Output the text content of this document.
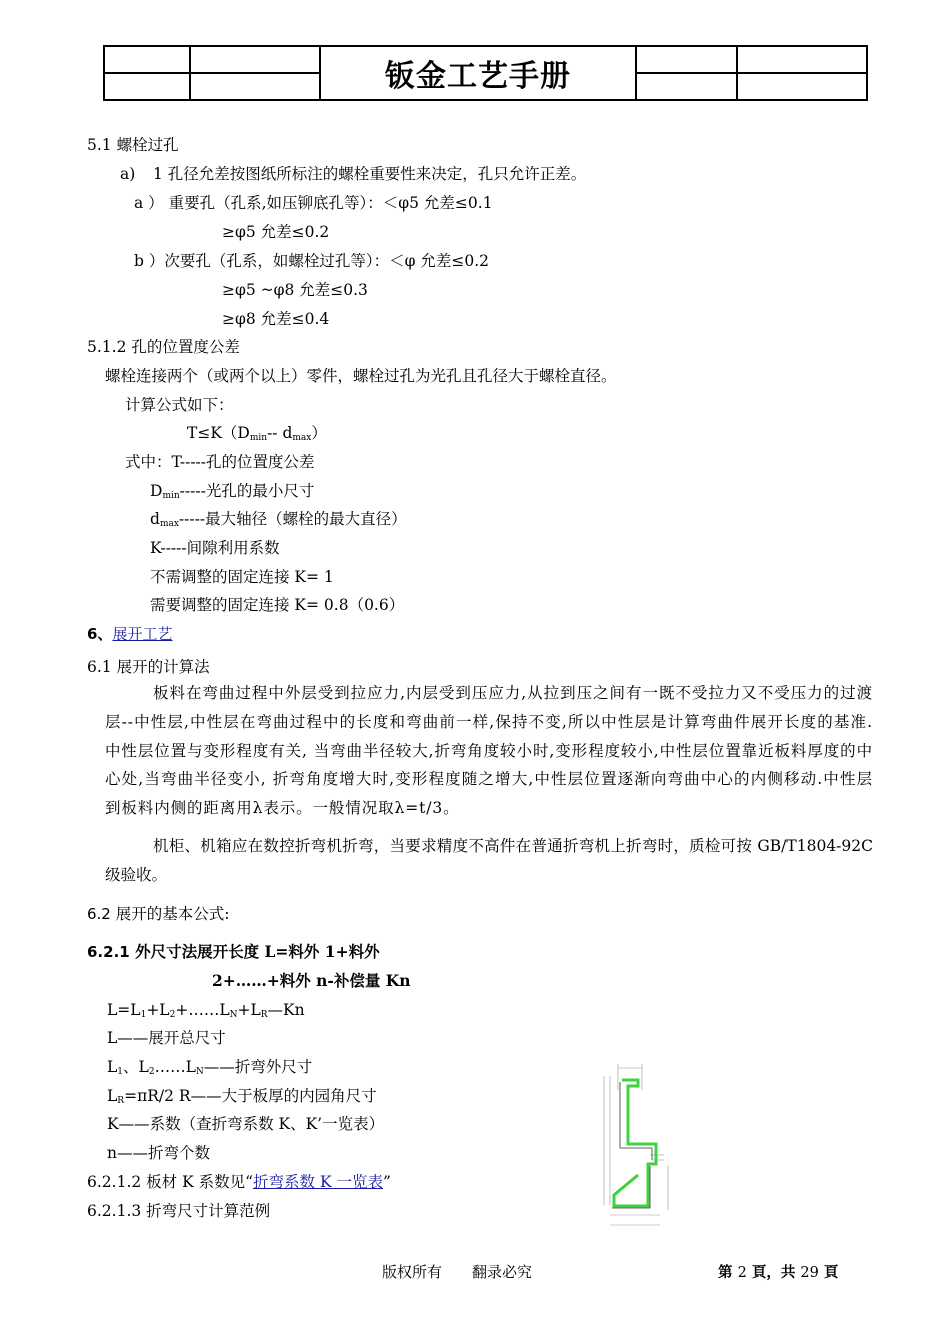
		钣金工艺手册		

5.1 螺栓过孔
a) 1 孔径允差按图纸所标注的螺栓重要性来决定，孔只允许正差。
a ） 重要孔（孔系,如压铆底孔等）：＜φ5 允差≤0.1
≥φ5 允差≤0.2
b ）次要孔（孔系，如螺栓过孔等）：＜φ 允差≤0.2
≥φ5 ~φ8 允差≤0.3
≥φ8 允差≤0.4
5.1.2 孔的位置度公差
螺栓连接两个（或两个以上）零件，螺栓过孔为光孔且孔径大于螺栓直径。
计算公式如下：
$T\le K(D_{min}--$ $d_{max}$）
式中：T-----孔的位置度公差
$D_{min}-----$光孔的最小尺寸
$d_{max}-----$最大轴径（螺栓的最大直径）
K-----间隙利用系数
不需调整的固定连接 K= 1
需要调整的固定连接 K= 0.8（0.6）
6、展开工艺
6.1 展开的计算法
板料在弯曲过程中外层受到拉应力,内层受到压应力,从拉到压之间有一既不受拉力又不受压力的过渡层--中性层,中性层在弯曲过程中的长度和弯曲前一样,保持不变,所以中性层是计算弯曲件展开长度的基准.中性层位置与变形程度有关, 当弯曲半径较大,折弯角度较小时,变形程度较小,中性层位置靠近板料厚度的中心处,当弯曲半径变小, 折弯角度增大时,变形程度随之增大,中性层位置逐渐向弯曲中心的内侧移动.中性层到板料内侧的距离用λ表示。一般情况取λ=t/3。
机柜、机箱应在数控折弯机折弯，当要求精度不高件在普通折弯机上折弯时，质检可按 GB/T1804-92C 级验收。
6.2 展开的基本公式:
6.2.1 外尺寸法展开长度 L=料外 1+料外
2+……+料外 n-补偿量 Kn
$L=L_1+L_2+\dots\dots L_N+L_R—Kn$
L——展开总尺寸
$L_1$、$L_2\dots\dots L_N——$折弯外尺寸
$L_R=\pi R/2$ R——大于板厚的内园角尺寸
K——系数（查折弯系数 K、K’一览表）
n——折弯个数
6.2.1.2 板材 K 系数见“折弯系数 K 一览表”
6.2.1.3 折弯尺寸计算范例
版权所有 翻录必究	第 2 頁，共 29 頁
